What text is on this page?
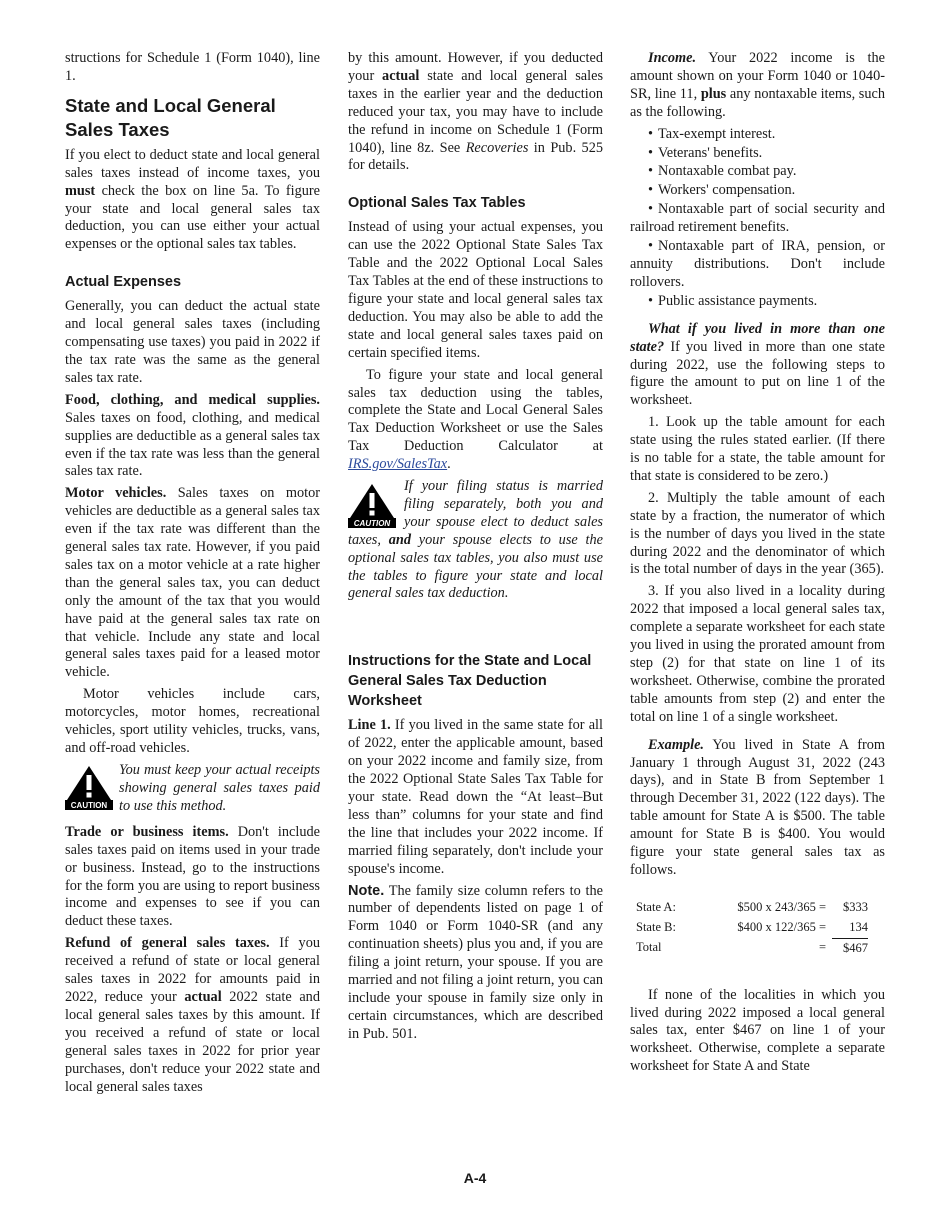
structions for Schedule 1 (Form 1040), line 1.

State and Local General Sales Taxes

If you elect to deduct state and local general sales taxes instead of income taxes, you must check the box on line 5a. To figure your state and local general sales tax deduction, you can use either your actual expenses or the optional sales tax tables.

Actual Expenses

Generally, you can deduct the actual state and local general sales taxes (including compensating use taxes) you paid in 2022 if the tax rate was the same as the general sales tax rate.

Food, clothing, and medical supplies. Sales taxes on food, clothing, and medical supplies are deductible as a general sales tax even if the tax rate was less than the general sales tax rate.

Motor vehicles. Sales taxes on motor vehicles are deductible as a general sales tax even if the tax rate was different than the general sales tax rate. However, if you paid sales tax on a motor vehicle at a rate higher than the general sales tax, you can deduct only the amount of the tax that you would have paid at the general sales tax rate on that vehicle. Include any state and local general sales taxes paid for a leased motor vehicle.

Motor vehicles include cars, motorcycles, motor homes, recreational vehicles, sport utility vehicles, trucks, vans, and off-road vehicles.

CAUTION
You must keep your actual receipts showing general sales taxes paid to use this method.

Trade or business items. Don't include sales taxes paid on items used in your trade or business. Instead, go to the instructions for the form you are using to report business income and expenses to see if you can deduct these taxes.

Refund of general sales taxes. If you received a refund of state or local general sales taxes in 2022 for amounts paid in 2022, reduce your actual 2022 state and local general sales taxes by this amount. If you received a refund of state or local general sales taxes in 2022 for prior year purchases, don't reduce your 2022 state and local general sales taxes

by this amount. However, if you deducted your actual state and local general sales taxes in the earlier year and the deduction reduced your tax, you may have to include the refund in income on Schedule 1 (Form 1040), line 8z. See Recoveries in Pub. 525 for details.

Optional Sales Tax Tables

Instead of using your actual expenses, you can use the 2022 Optional State Sales Tax Table and the 2022 Optional Local Sales Tax Tables at the end of these instructions to figure your state and local general sales tax deduction. You may also be able to add the state and local general sales taxes paid on certain specified items.

To figure your state and local general sales tax deduction using the tables, complete the State and Local General Sales Tax Deduction Worksheet or use the Sales Tax Deduction Calculator at IRS.gov/SalesTax.

CAUTION
If your filing status is married filing separately, both you and your spouse elect to deduct sales taxes, and your spouse elects to use the optional sales tax tables, you also must use the tables to figure your state and local general sales tax deduction.
Instructions for the State and Local General Sales Tax Deduction Worksheet

Line 1. If you lived in the same state for all of 2022, enter the applicable amount, based on your 2022 income and family size, from the 2022 Optional State Sales Tax Table for your state. Read down the “At least–But less than” columns for your state and find the line that includes your 2022 income. If married filing separately, don't include your spouse's income.

Note. The family size column refers to the number of dependents listed on page 1 of Form 1040 or Form 1040-SR (and any continuation sheets) plus you and, if you are filing a joint return, your spouse. If you are married and not filing a joint return, you can include your spouse in family size only in certain circumstances, which are described in Pub. 501.

Income. Your 2022 income is the amount shown on your Form 1040 or 1040-SR, line 11, plus any nontaxable items, such as the following.

• Tax-exempt interest.
• Veterans' benefits.
• Nontaxable combat pay.
• Workers' compensation.
• Nontaxable part of social security and railroad retirement benefits.
• Nontaxable part of IRA, pension, or annuity distributions. Don't include rollovers.
• Public assistance payments.

What if you lived in more than one state? If you lived in more than one state during 2022, use the following steps to figure the amount to put on line 1 of the worksheet.

1. Look up the table amount for each state using the rules stated earlier. (If there is no table for a state, the table amount for that state is considered to be zero.)

2. Multiply the table amount of each state by a fraction, the numerator of which is the number of days you lived in the state during 2022 and the denominator of which is the total number of days in the year (365).

3. If you also lived in a locality during 2022 that imposed a local general sales tax, complete a separate worksheet for each state you lived in using the prorated amount from step (2) for that state on line 1 of its worksheet. Otherwise, combine the prorated table amounts from step (2) and enter the total on line 1 of a single worksheet.

Example. You lived in State A from January 1 through August 31, 2022 (243 days), and in State B from September 1 through December 31, 2022 (122 days). The table amount for State A is $500. The table amount for State B is $400. You would figure your state general sales tax as follows.

State A:	$500 x 243/365 =	$333
State B:	$400 x 122/365 =	134
Total	=	$467

If none of the localities in which you lived during 2022 imposed a local general sales tax, enter $467 on line 1 of your worksheet. Otherwise, complete a separate worksheet for State A and State

A-4
